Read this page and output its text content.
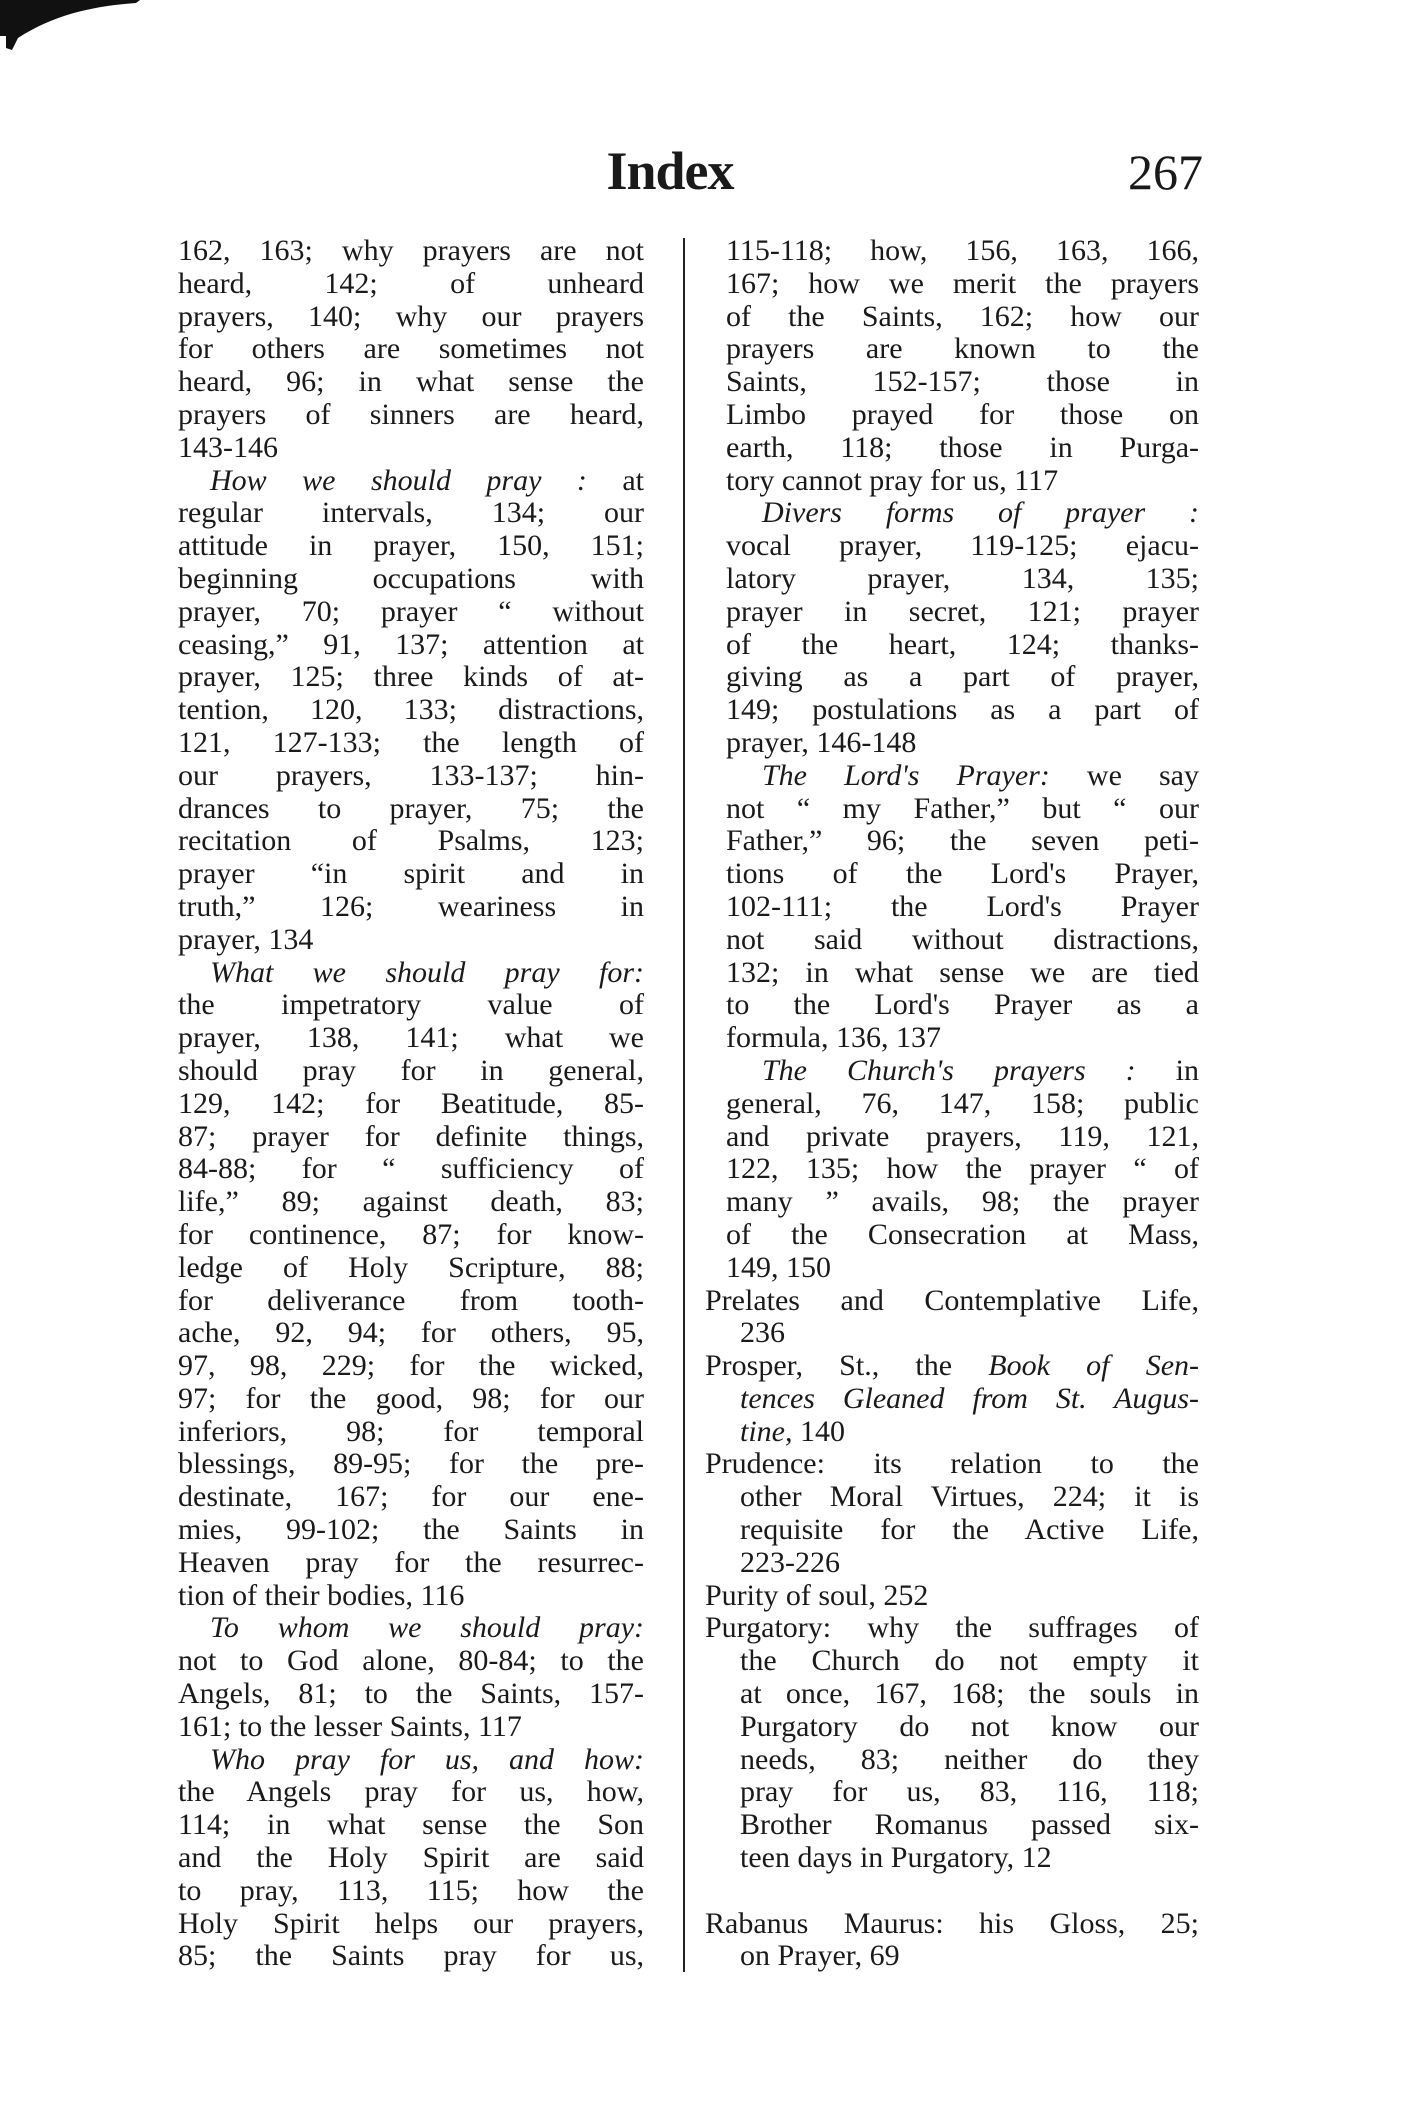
Index	267
162, 163; why prayers are not
heard, 142; of unheard
prayers, 140; why our prayers
for others are sometimes not
heard, 96; in what sense the
prayers of sinners are heard,
143-146
How we should pray : at
regular intervals, 134; our
attitude in prayer, 150, 151;
beginning occupations with
prayer, 70; prayer “ without
ceasing,” 91, 137; attention at
prayer, 125; three kinds of at-
tention, 120, 133; distractions,
121, 127-133; the length of
our prayers, 133-137; hin-
drances to prayer, 75; the
recitation of Psalms, 123;
prayer “in spirit and in
truth,” 126; weariness in
prayer, 134
What we should pray for:
the impetratory value of
prayer, 138, 141; what we
should pray for in general,
129, 142; for Beatitude, 85-
87; prayer for definite things,
84-88; for “ sufficiency of
life,” 89; against death, 83;
for continence, 87; for know-
ledge of Holy Scripture, 88;
for deliverance from tooth-
ache, 92, 94; for others, 95,
97, 98, 229; for the wicked,
97; for the good, 98; for our
inferiors, 98; for temporal
blessings, 89-95; for the pre-
destinate, 167; for our ene-
mies, 99-102; the Saints in
Heaven pray for the resurrec-
tion of their bodies, 116
To whom we should pray:
not to God alone, 80-84; to the
Angels, 81; to the Saints, 157-
161; to the lesser Saints, 117
Who pray for us, and how:
the Angels pray for us, how,
114; in what sense the Son
and the Holy Spirit are said
to pray, 113, 115; how the
Holy Spirit helps our prayers,
85; the Saints pray for us,
115-118; how, 156, 163, 166,
167; how we merit the prayers
of the Saints, 162; how our
prayers are known to the
Saints, 152-157; those in
Limbo prayed for those on
earth, 118; those in Purga-
tory cannot pray for us, 117
Divers forms of prayer :
vocal prayer, 119-125; ejacu-
latory prayer, 134, 135;
prayer in secret, 121; prayer
of the heart, 124; thanks-
giving as a part of prayer,
149; postulations as a part of
prayer, 146-148
The Lord's Prayer: we say
not “ my Father,” but “ our
Father,” 96; the seven peti-
tions of the Lord's Prayer,
102-111; the Lord's Prayer
not said without distractions,
132; in what sense we are tied
to the Lord's Prayer as a
formula, 136, 137
The Church's prayers : in
general, 76, 147, 158; public
and private prayers, 119, 121,
122, 135; how the prayer “ of
many ” avails, 98; the prayer
of the Consecration at Mass,
149, 150
Prelates and Contemplative Life,
236
Prosper, St., the Book of Sen-
tences Gleaned from St. Augus-
tine, 140
Prudence: its relation to the
other Moral Virtues, 224; it is
requisite for the Active Life,
223-226
Purity of soul, 252
Purgatory: why the suffrages of
the Church do not empty it
at once, 167, 168; the souls in
Purgatory do not know our
needs, 83; neither do they
pray for us, 83, 116, 118;
Brother Romanus passed six-
teen days in Purgatory, 12
Rabanus Maurus: his Gloss, 25;
on Prayer, 69
